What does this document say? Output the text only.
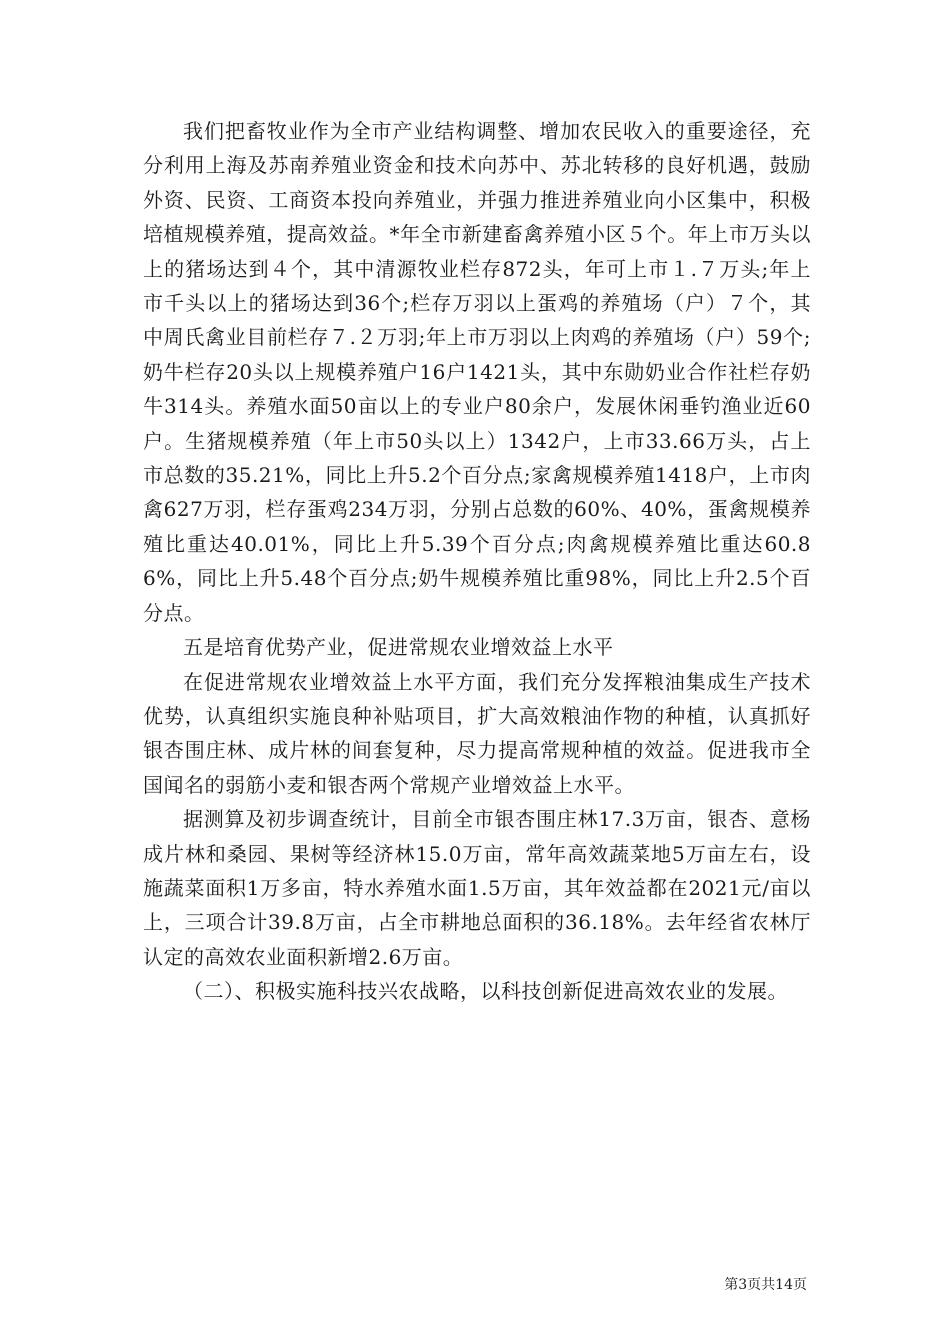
我们把畜牧业作为全市产业结构调整、增加农民收入的重要途径，充分利用上海及苏南养殖业资金和技术向苏中、苏北转移的良好机遇，鼓励外资、民资、工商资本投向养殖业，并强力推进养殖业向小区集中，积极培植规模养殖，提高效益。*年全市新建畜禽养殖小区５个。年上市万头以上的猪场达到４个，其中清源牧业栏存872头，年可上市１.７万头;年上市千头以上的猪场达到36个;栏存万羽以上蛋鸡的养殖场（户）７个，其中周氏禽业目前栏存７.２万羽;年上市万羽以上肉鸡的养殖场（户）59个;奶牛栏存20头以上规模养殖户16户1421头，其中东勋奶业合作社栏存奶牛314头。养殖水面50亩以上的专业户80余户，发展休闲垂钓渔业近60户。生猪规模养殖（年上市50头以上）1342户，上市33.66万头，占上市总数的35.21%，同比上升5.2个百分点;家禽规模养殖1418户，上市肉禽627万羽，栏存蛋鸡234万羽，分别占总数的60%、40%，蛋禽规模养殖比重达40.01%，同比上升5.39个百分点;肉禽规模养殖比重达60.86%，同比上升5.48个百分点;奶牛规模养殖比重98%，同比上升2.5个百分点。

五是培育优势产业，促进常规农业增效益上水平

在促进常规农业增效益上水平方面，我们充分发挥粮油集成生产技术优势，认真组织实施良种补贴项目，扩大高效粮油作物的种植，认真抓好银杏围庄林、成片林的间套复种，尽力提高常规种植的效益。促进我市全国闻名的弱筋小麦和银杏两个常规产业增效益上水平。

据测算及初步调查统计，目前全市银杏围庄林17.3万亩，银杏、意杨成片林和桑园、果树等经济林15.0万亩，常年高效蔬菜地5万亩左右，设施蔬菜面积1万多亩，特水养殖水面1.5万亩，其年效益都在2021元/亩以上，三项合计39.8万亩，占全市耕地总面积的36.18%。去年经省农林厅认定的高效农业面积新增2.6万亩。

（二）、积极实施科技兴农战略，以科技创新促进高效农业的发展。

第3页共14页
